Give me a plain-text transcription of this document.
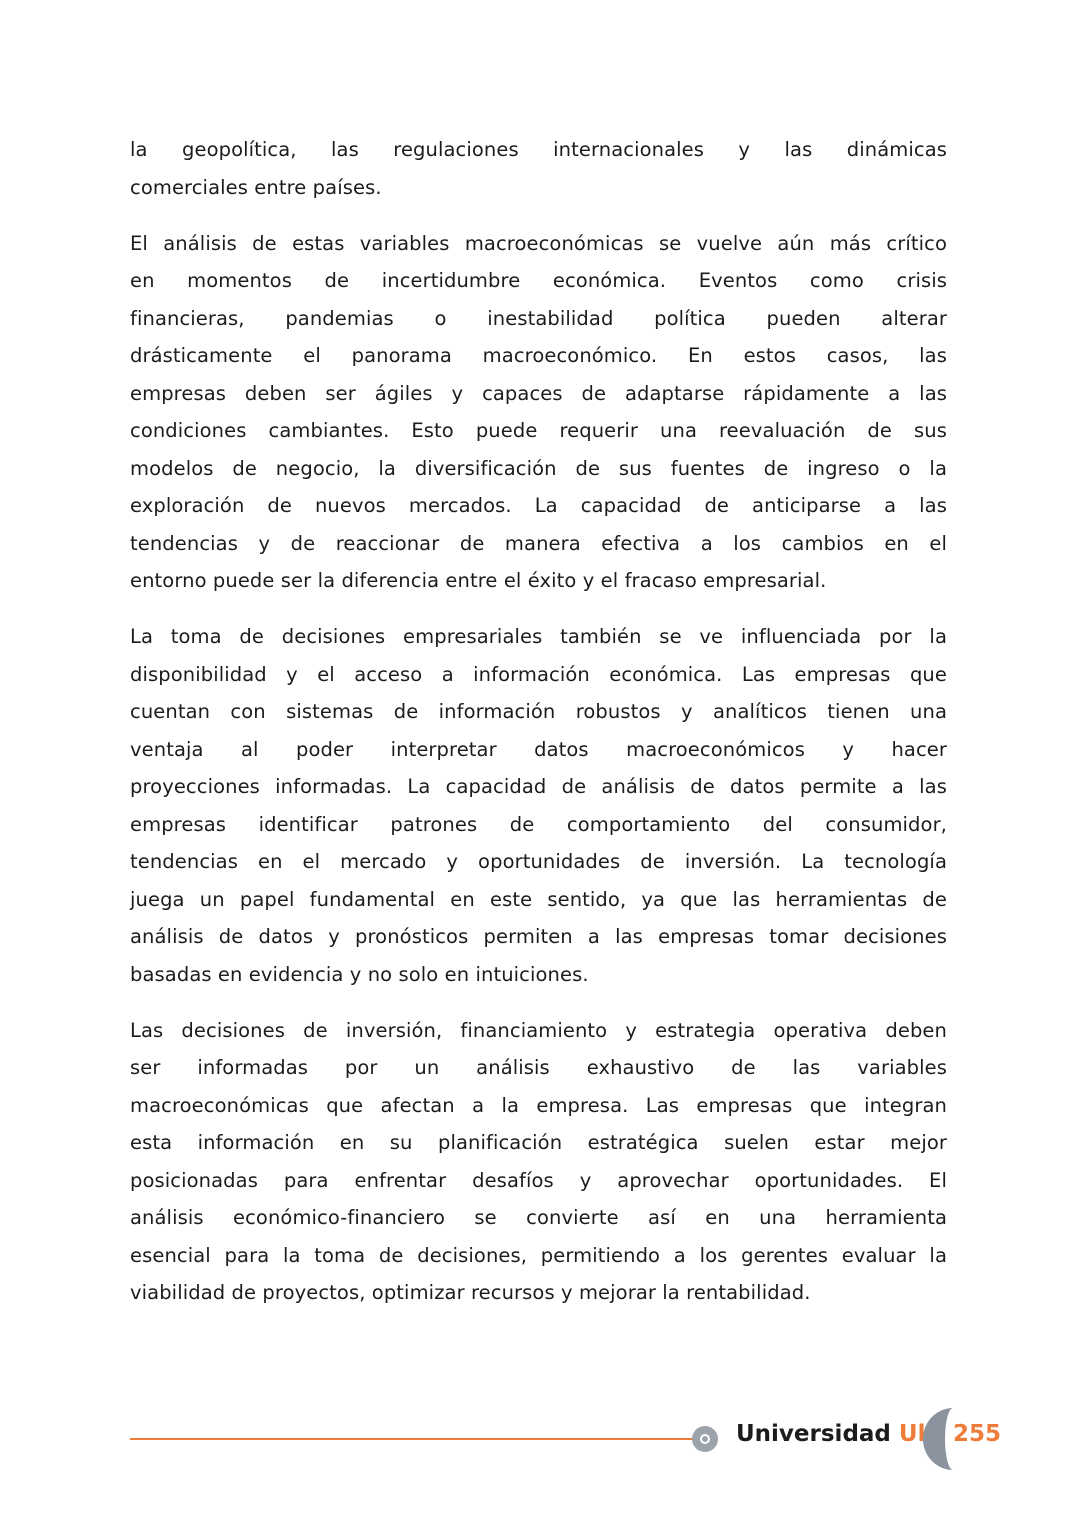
la geopolítica, las regulaciones internacionales y las dinámicas
comerciales entre países.
El análisis de estas variables macroeconómicas se vuelve aún más crítico
en momentos de incertidumbre económica. Eventos como crisis
financieras, pandemias o inestabilidad política pueden alterar
drásticamente el panorama macroeconómico. En estos casos, las
empresas deben ser ágiles y capaces de adaptarse rápidamente a las
condiciones cambiantes. Esto puede requerir una reevaluación de sus
modelos de negocio, la diversificación de sus fuentes de ingreso o la
exploración de nuevos mercados. La capacidad de anticiparse a las
tendencias y de reaccionar de manera efectiva a los cambios en el
entorno puede ser la diferencia entre el éxito y el fracaso empresarial.
La toma de decisiones empresariales también se ve influenciada por la
disponibilidad y el acceso a información económica. Las empresas que
cuentan con sistemas de información robustos y analíticos tienen una
ventaja al poder interpretar datos macroeconómicos y hacer
proyecciones informadas. La capacidad de análisis de datos permite a las
empresas identificar patrones de comportamiento del consumidor,
tendencias en el mercado y oportunidades de inversión. La tecnología
juega un papel fundamental en este sentido, ya que las herramientas de
análisis de datos y pronósticos permiten a las empresas tomar decisiones
basadas en evidencia y no solo en intuiciones.
Las decisiones de inversión, financiamiento y estrategia operativa deben
ser informadas por un análisis exhaustivo de las variables
macroeconómicas que afectan a la empresa. Las empresas que integran
esta información en su planificación estratégica suelen estar mejor
posicionadas para enfrentar desafíos y aprovechar oportunidades. El
análisis económico-financiero se convierte así en una herramienta
esencial para la toma de decisiones, permitiendo a los gerentes evaluar la
viabilidad de proyectos, optimizar recursos y mejorar la rentabilidad.
Universidad Uk 255
